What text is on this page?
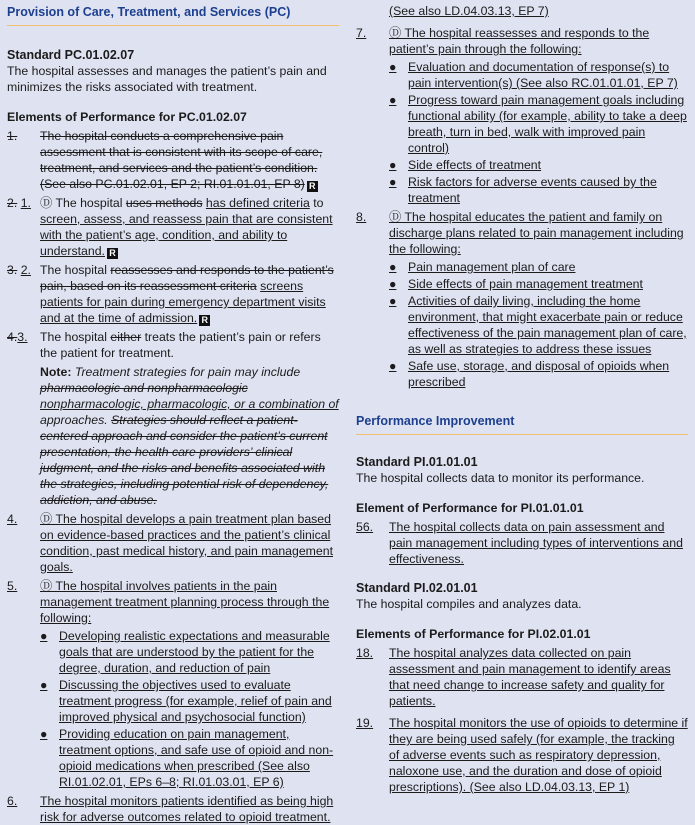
Provision of Care, Treatment, and Services (PC)
Standard PC.01.02.07
The hospital assesses and manages the patient’s pain and minimizes the risks associated with treatment.
Elements of Performance for PC.01.02.07
1. The hospital conducts a comprehensive pain assessment that is consistent with its scope of care, treatment, and services and the patient’s condition. (See also PC.01.02.01, EP 2; RI.01.01.01, EP 8) R
2. 1. Ⓓ The hospital uses methods has defined criteria to screen, assess, and reassess pain that are consistent with the patient’s age, condition, and ability to understand. R
3. 2. The hospital reassesses and responds to the patient’s pain, based on its reassessment criteria screens patients for pain during emergency department visits and at the time of admission. R
4.3. The hospital either treats the patient’s pain or refers the patient for treatment.
Note: Treatment strategies for pain may include pharmacologic and nonpharmacologic nonpharmacologic, pharmacologic, or a combination of approaches. Strategies should reflect a patient-centered approach and consider the patient’s current presentation, the health care providers’ clinical judgment, and the risks and benefits associated with the strategies, including potential risk of dependency, addiction, and abuse.
4. Ⓓ The hospital develops a pain treatment plan based on evidence-based practices and the patient’s clinical condition, past medical history, and pain management goals.
5. Ⓓ The hospital involves patients in the pain management treatment planning process through the following:
● Developing realistic expectations and measurable goals that are understood by the patient for the degree, duration, and reduction of pain
● Discussing the objectives used to evaluate treatment progress (for example, relief of pain and improved physical and psychosocial function)
● Providing education on pain management, treatment options, and safe use of opioid and non-opioid medications when prescribed (See also RI.01.02.01, EPs 6–8; RI.01.03.01, EP 6)
6. The hospital monitors patients identified as being high risk for adverse outcomes related to opioid treatment.
(See also LD.04.03.13, EP 7)
7. Ⓓ The hospital reassesses and responds to the patient’s pain through the following:
● Evaluation and documentation of response(s) to pain intervention(s) (See also RC.01.01.01, EP 7)
● Progress toward pain management goals including functional ability (for example, ability to take a deep breath, turn in bed, walk with improved pain control)
● Side effects of treatment
● Risk factors for adverse events caused by the treatment
8. Ⓓ The hospital educates the patient and family on discharge plans related to pain management including the following:
● Pain management plan of care
● Side effects of pain management treatment
● Activities of daily living, including the home environment, that might exacerbate pain or reduce effectiveness of the pain management plan of care, as well as strategies to address these issues
● Safe use, storage, and disposal of opioids when prescribed
Performance Improvement
Standard PI.01.01.01
The hospital collects data to monitor its performance.
Element of Performance for PI.01.01.01
56. The hospital collects data on pain assessment and pain management including types of interventions and effectiveness.
Standard PI.02.01.01
The hospital compiles and analyzes data.
Elements of Performance for PI.02.01.01
18. The hospital analyzes data collected on pain assessment and pain management to identify areas that need change to increase safety and quality for patients.
19. The hospital monitors the use of opioids to determine if they are being used safely (for example, the tracking of adverse events such as respiratory depression, naloxone use, and the duration and dose of opioid prescriptions). (See also LD.04.03.13, EP 1)
